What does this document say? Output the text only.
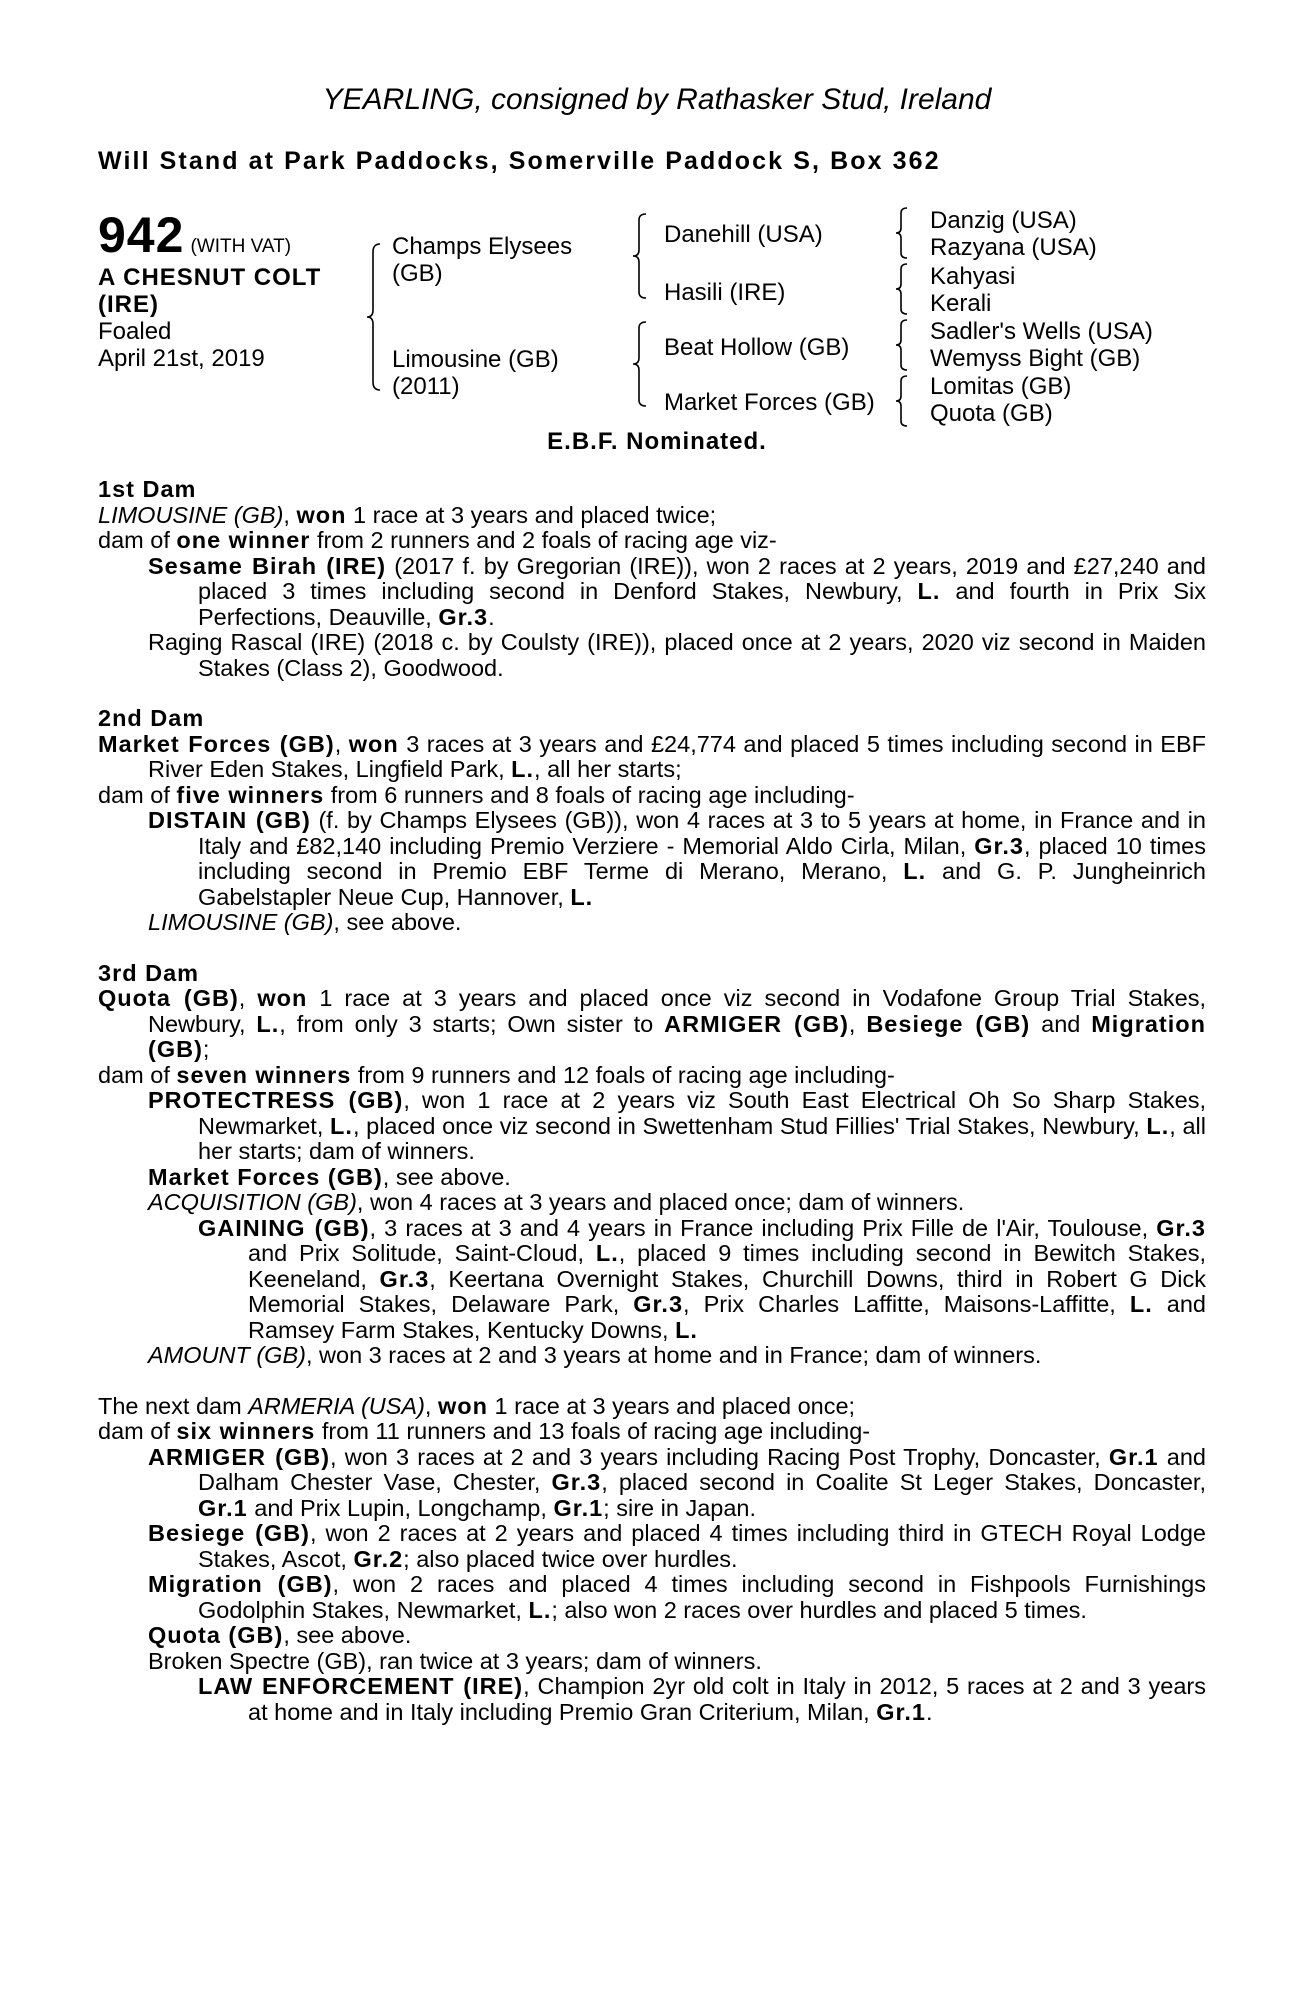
YEARLING, consigned by Rathasker Stud, Ireland
Will Stand at Park Paddocks, Somerville Paddock S, Box 362
942 (WITH VAT)
A CHESNUT COLT
(IRE)
Foaled
April 21st, 2019
Champs Elysees
(GB)
Limousine (GB)
(2011)
Danehill (USA)
Hasili (IRE)
Beat Hollow (GB)
Market Forces (GB)
Danzig (USA)
Razyana (USA)
Kahyasi
Kerali
Sadler's Wells (USA)
Wemyss Bight (GB)
Lomitas (GB)
Quota (GB)
E.B.F. Nominated.

1st Dam

LIMOUSINE (GB), won 1 race at 3 years and placed twice;

dam of one winner from 2 runners and 2 foals of racing age viz-

Sesame Birah (IRE) (2017 f. by Gregorian (IRE)), won 2 races at 2 years, 2019 and £27,240 and placed 3 times including second in Denford Stakes, Newbury, L. and fourth in Prix Six Perfections, Deauville, Gr.3.

Raging Rascal (IRE) (2018 c. by Coulsty (IRE)), placed once at 2 years, 2020 viz second in Maiden Stakes (Class 2), Goodwood.

2nd Dam

Market Forces (GB), won 3 races at 3 years and £24,774 and placed 5 times including second in EBF River Eden Stakes, Lingfield Park, L., all her starts;

dam of five winners from 6 runners and 8 foals of racing age including-

DISTAIN (GB) (f. by Champs Elysees (GB)), won 4 races at 3 to 5 years at home, in France and in Italy and £82,140 including Premio Verziere - Memorial Aldo Cirla, Milan, Gr.3, placed 10 times including second in Premio EBF Terme di Merano, Merano, L. and G. P. Jungheinrich Gabelstapler Neue Cup, Hannover, L.

LIMOUSINE (GB), see above.

3rd Dam

Quota (GB), won 1 race at 3 years and placed once viz second in Vodafone Group Trial Stakes, Newbury, L., from only 3 starts; Own sister to ARMIGER (GB), Besiege (GB) and Migration (GB);

dam of seven winners from 9 runners and 12 foals of racing age including-

PROTECTRESS (GB), won 1 race at 2 years viz South East Electrical Oh So Sharp Stakes, Newmarket, L., placed once viz second in Swettenham Stud Fillies' Trial Stakes, Newbury, L., all her starts; dam of winners.

Market Forces (GB), see above.

ACQUISITION (GB), won 4 races at 3 years and placed once; dam of winners.

GAINING (GB), 3 races at 3 and 4 years in France including Prix Fille de l'Air, Toulouse, Gr.3 and Prix Solitude, Saint-Cloud, L., placed 9 times including second in Bewitch Stakes, Keeneland, Gr.3, Keertana Overnight Stakes, Churchill Downs, third in Robert G Dick Memorial Stakes, Delaware Park, Gr.3, Prix Charles Laffitte, Maisons-Laffitte, L. and Ramsey Farm Stakes, Kentucky Downs, L.

AMOUNT (GB), won 3 races at 2 and 3 years at home and in France; dam of winners.

The next dam ARMERIA (USA), won 1 race at 3 years and placed once;

dam of six winners from 11 runners and 13 foals of racing age including-

ARMIGER (GB), won 3 races at 2 and 3 years including Racing Post Trophy, Doncaster, Gr.1 and Dalham Chester Vase, Chester, Gr.3, placed second in Coalite St Leger Stakes, Doncaster, Gr.1 and Prix Lupin, Longchamp, Gr.1; sire in Japan.

Besiege (GB), won 2 races at 2 years and placed 4 times including third in GTECH Royal Lodge Stakes, Ascot, Gr.2; also placed twice over hurdles.

Migration (GB), won 2 races and placed 4 times including second in Fishpools Furnishings Godolphin Stakes, Newmarket, L.; also won 2 races over hurdles and placed 5 times.

Quota (GB), see above.

Broken Spectre (GB), ran twice at 3 years; dam of winners.

LAW ENFORCEMENT (IRE), Champion 2yr old colt in Italy in 2012, 5 races at 2 and 3 years at home and in Italy including Premio Gran Criterium, Milan, Gr.1.
